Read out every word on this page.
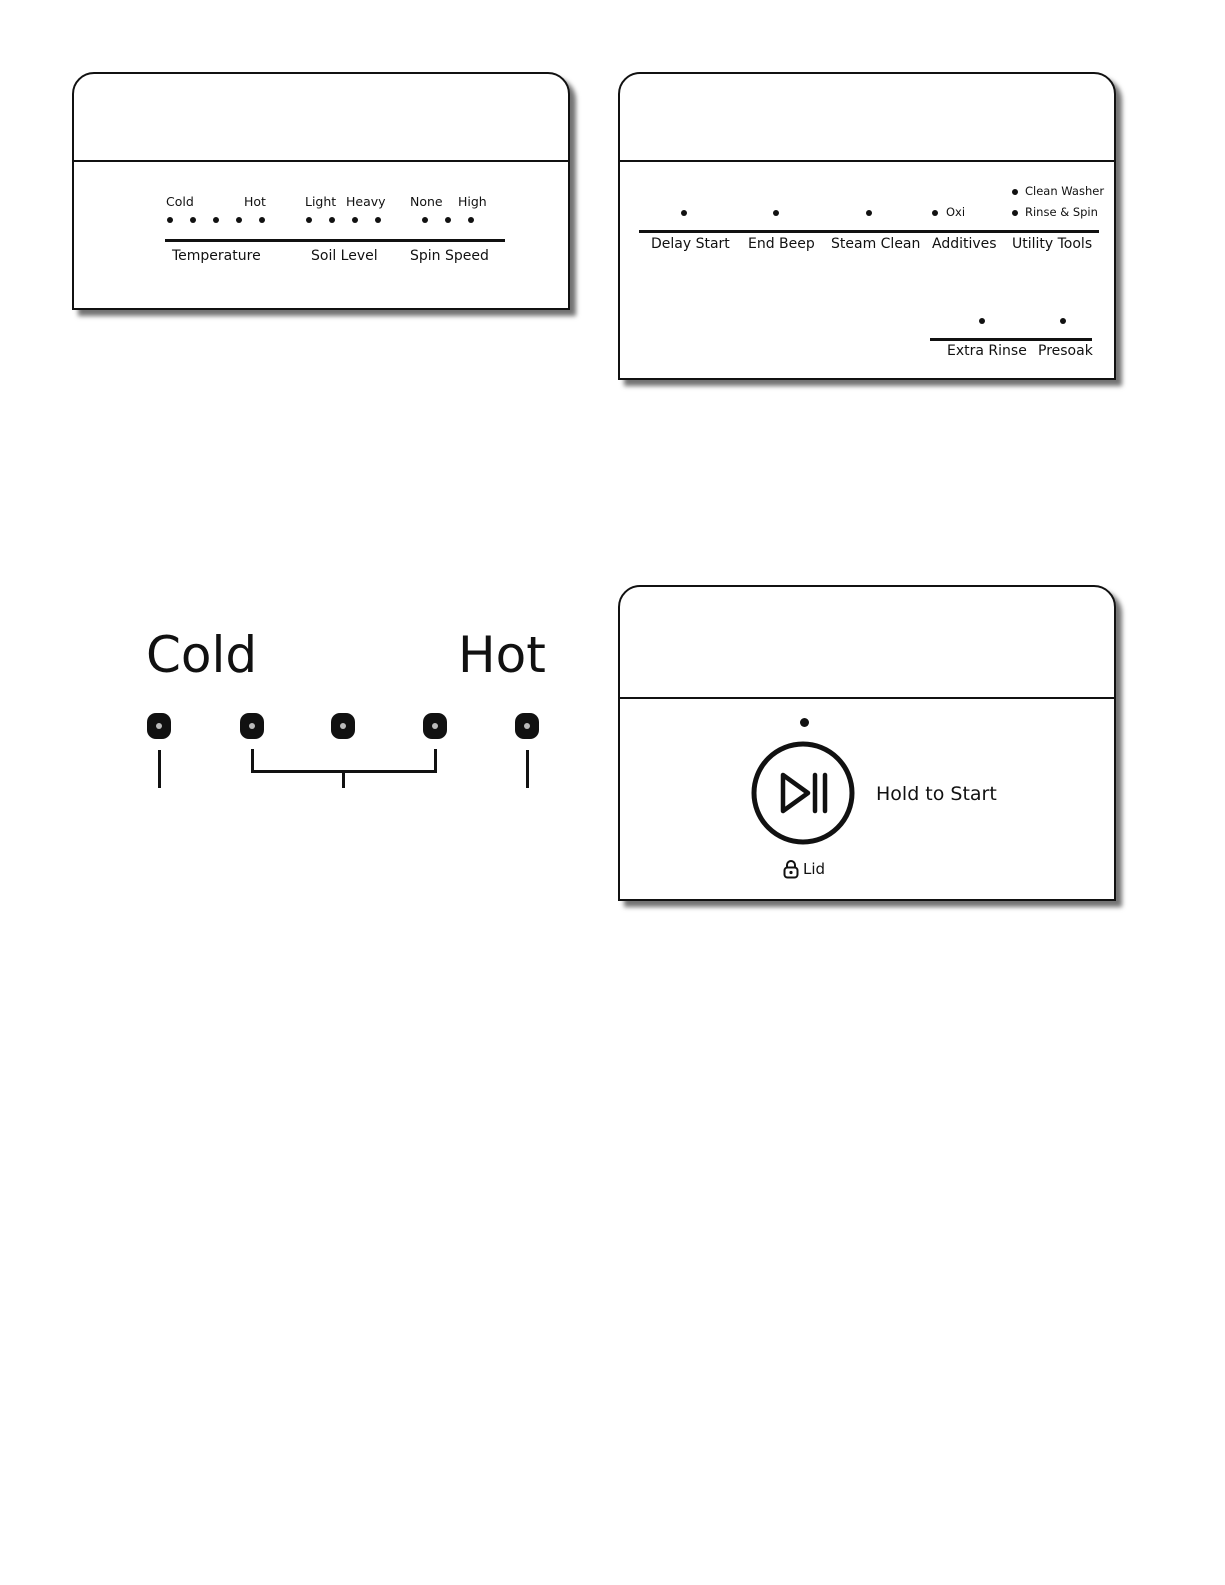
Cold	Hot	Light Heavy None High
Temperature	Soil Level Spin Speed
Clean Washer
Rinse & Spin
Oxi
Delay Start End Beep Steam Clean Additives Utility Tools
Extra Rinse Presoak
Cold	Hot
Hold to Start
Lid
